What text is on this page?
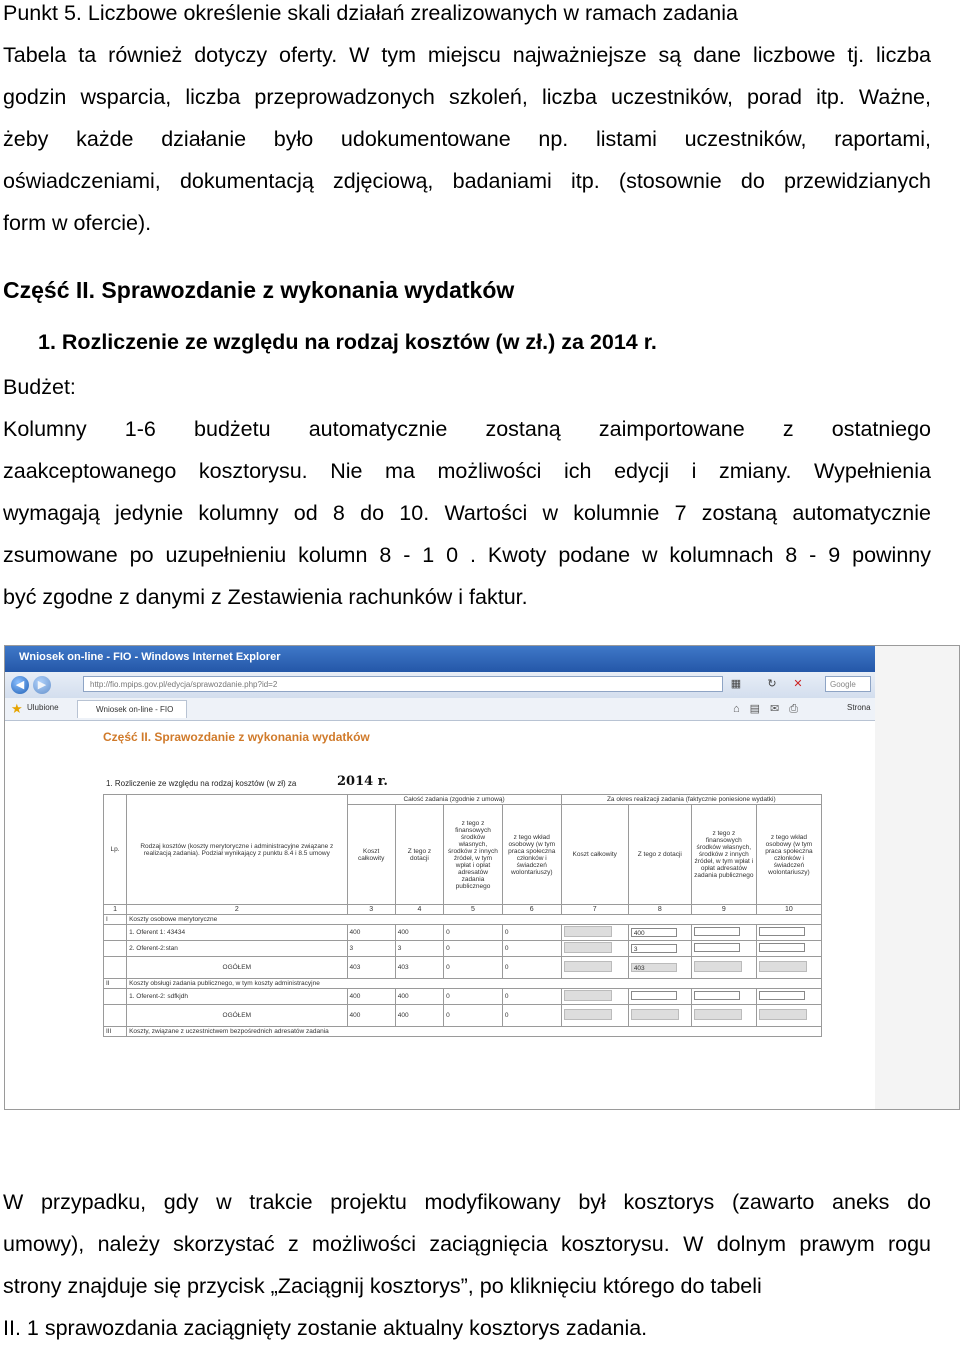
Punkt 5. Liczbowe określenie skali działań zrealizowanych w ramach zadania

Tabela ta również dotyczy oferty. W tym miejscu najważniejsze są dane liczbowe tj. liczba

godzin wsparcia, liczba przeprowadzonych szkoleń, liczba uczestników, porad itp. Ważne,

żeby każde działanie było udokumentowane np. listami uczestników, raportami,

oświadczeniami, dokumentacją zdjęciową, badaniami itp. (stosownie do przewidzianych

form w ofercie).

Część II. Sprawozdanie z wykonania wydatków

1. Rozliczenie ze względu na rodzaj kosztów (w zł.) za 2014 r.

Budżet:

Kolumny 1-6 budżetu automatycznie zostaną zaimportowane z ostatniego

zaakceptowanego kosztorysu. Nie ma możliwości ich edycji i zmiany. Wypełnienia

wymagają jedynie kolumny od 8 do 10. Wartości w kolumnie 7 zostaną automatycznie

zsumowane po uzupełnieniu kolumn 8 - 1 0 . Kwoty podane w kolumnach 8 - 9 powinny

być zgodne z danymi z Zestawienia rachunków i faktur.

Wniosek on-line - FIO - Windows Internet Explorer
◀	▶	http://fio.mpips.gov.pl/edycja/sprawozdanie.php?id=2	▦ ↻ ✕	Google
★ Ulubione	Wniosek on-line - FIO	⌂▤✉⎙	Strona
Część II. Sprawozdanie z wykonania wydatków
1. Rozliczenie ze względu na rodzaj kosztów (w zł) za	2014 r.
Lp.	Rodzaj kosztów (koszty merytoryczne i administracyjne związane z realizacją zadania). Podział wynikający z punktu 8.4 i 8.5 umowy	Całość zadania (zgodnie z umową)				Za okres realizacji zadania (faktycznie poniesione wydatki)			
		Koszt całkowity	Z tego z dotacji	z tego z finansowych środków własnych, środków z innych źródeł, w tym wpłat i opłat adresatów zadania publicznego	z tego wkład osobowy (w tym praca społeczna członków i świadczeń wolontariuszy)	Koszt całkowity	Z tego z dotacji	z tego z finansowych środków własnych, środków z innych źródeł, w tym wpłat i opłat adresatów zadania publicznego	z tego wkład osobowy (w tym praca społeczna członków i świadczeń wolontariuszy)
1	2	3	4	5	6	7	8	9	10
I	Koszty osobowe merytoryczne								
	1. Oferent 1: 43434	400	400	0	0		400		
	2. Oferent-2:stan	3	3	0	0		3		
	OGÓŁEM	403	403	0	0		403		
II	Koszty obsługi zadania publicznego, w tym koszty administracyjne								
	1. Oferent-2: sdfkjdh	400	400	0	0				
	OGÓŁEM	400	400	0	0				
III	Koszty, związane z uczestnictwem bezpośrednich adresatów zadania								

W przypadku, gdy w trakcie projektu modyfikowany był kosztorys (zawarto aneks do

umowy), należy skorzystać z możliwości zaciągnięcia kosztorysu. W dolnym prawym rogu

strony znajduje się przycisk „Zaciągnij kosztorys”, po kliknięciu którego do tabeli

II. 1 sprawozdania zaciągnięty zostanie aktualny kosztorys zadania.
